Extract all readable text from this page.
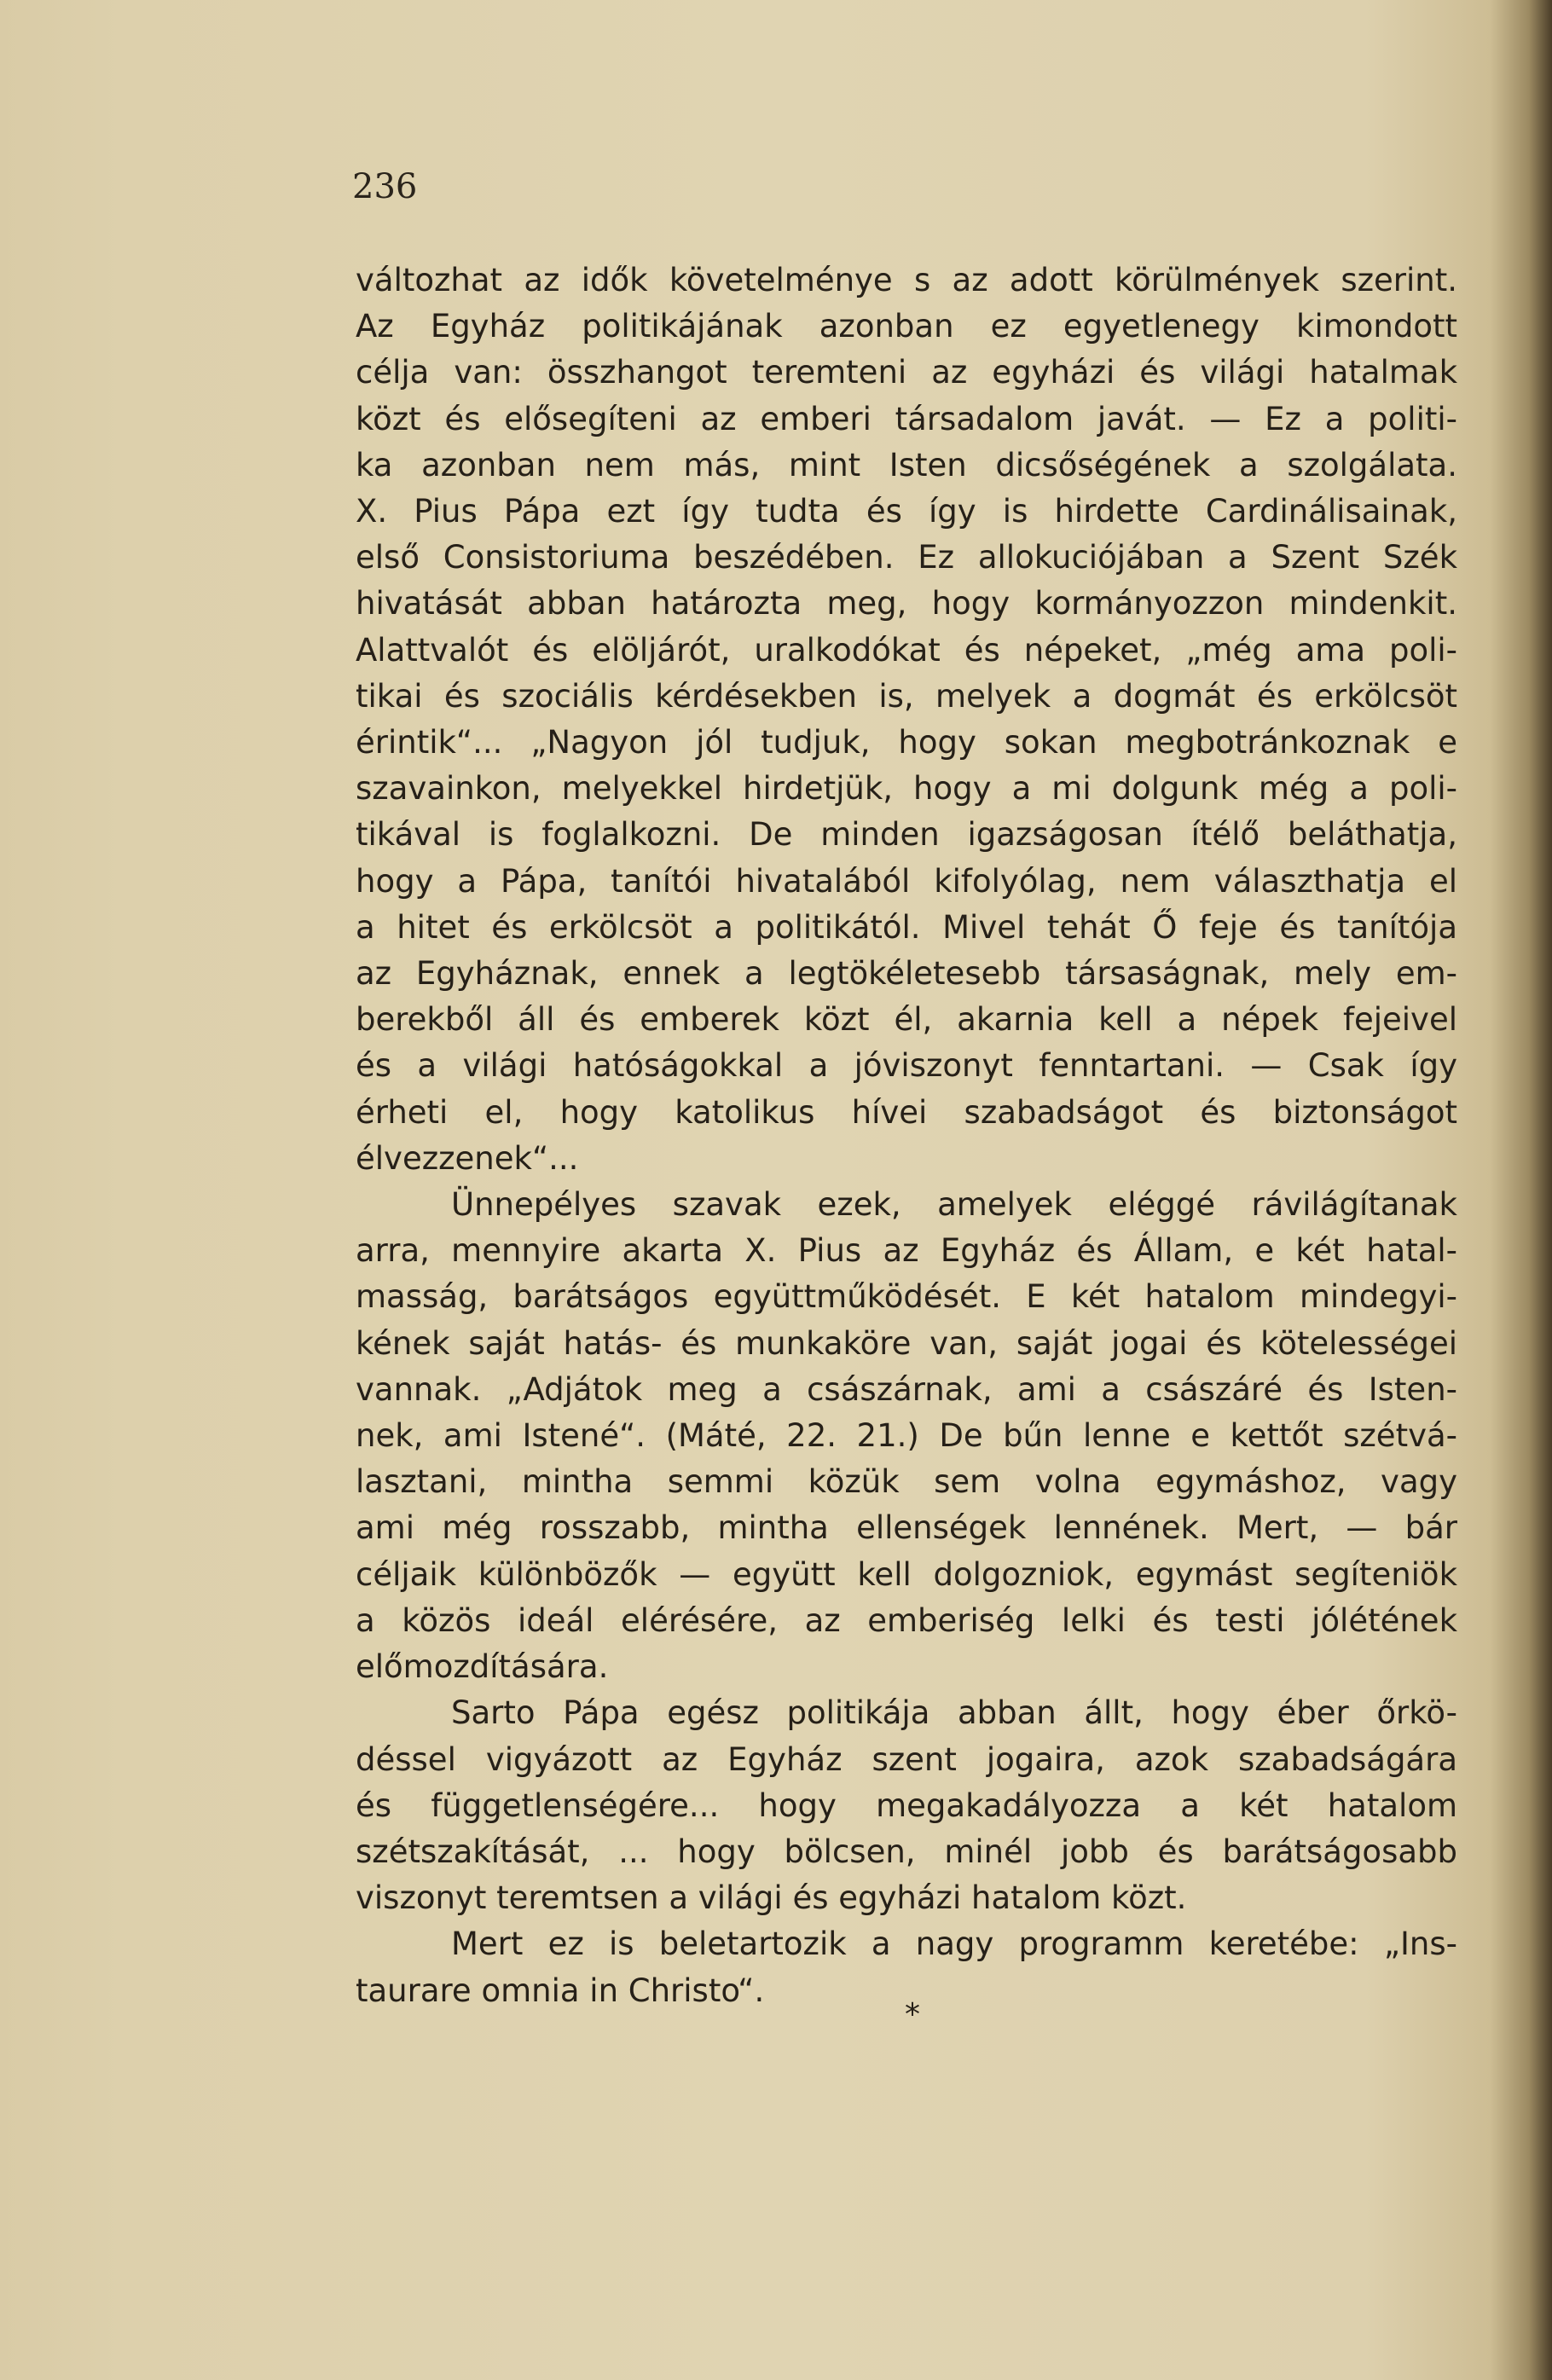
236
változhat az idők követelménye s az adott körülmények szerint.
Az Egyház politikájának azonban ez egyetlenegy kimondott
célja van: összhangot teremteni az egyházi és világi hatalmak
közt és elősegíteni az emberi társadalom javát. — Ez a politi-
ka azonban nem más, mint Isten dicsőségének a szolgálata.
X. Pius Pápa ezt így tudta és így is hirdette Cardinálisainak,
első Consistoriuma beszédében. Ez allokuciójában a Szent Szék
hivatását abban határozta meg, hogy kormányozzon mindenkit.
Alattvalót és elöljárót, uralkodókat és népeket, „még ama poli-
tikai és szociális kérdésekben is, melyek a dogmát és erkölcsöt
érintik“... „Nagyon jól tudjuk, hogy sokan megbotránkoznak e
szavainkon, melyekkel hirdetjük, hogy a mi dolgunk még a poli-
tikával is foglalkozni. De minden igazságosan ítélő beláthatja,
hogy a Pápa, tanítói hivatalából kifolyólag, nem választhatja el
a hitet és erkölcsöt a politikától. Mivel tehát Ő feje és tanítója
az Egyháznak, ennek a legtökéletesebb társaságnak, mely em-
berekből áll és emberek közt él, akarnia kell a népek fejeivel
és a világi hatóságokkal a jóviszonyt fenntartani. — Csak így
érheti el, hogy katolikus hívei szabadságot és biztonságot
élvezzenek“...
Ünnepélyes szavak ezek, amelyek eléggé rávilágítanak
arra, mennyire akarta X. Pius az Egyház és Állam, e két hatal-
masság, barátságos együttműködését. E két hatalom mindegyi-
kének saját hatás- és munkaköre van, saját jogai és kötelességei
vannak. „Adjátok meg a császárnak, ami a császáré és Isten-
nek, ami Istené“. (Máté, 22. 21.) De bűn lenne e kettőt szétvá-
lasztani, mintha semmi közük sem volna egymáshoz, vagy
ami még rosszabb, mintha ellenségek lennének. Mert, — bár
céljaik különbözők — együtt kell dolgozniok, egymást segíteniök
a közös ideál elérésére, az emberiség lelki és testi jólétének
előmozdítására.
Sarto Pápa egész politikája abban állt, hogy éber őrkö-
déssel vigyázott az Egyház szent jogaira, azok szabadságára
és függetlenségére... hogy megakadályozza a két hatalom
szétszakítását, ... hogy bölcsen, minél jobb és barátságosabb
viszonyt teremtsen a világi és egyházi hatalom közt.
Mert ez is beletartozik a nagy programm keretébe: „Ins-
taurare omnia in Christo“.
*
